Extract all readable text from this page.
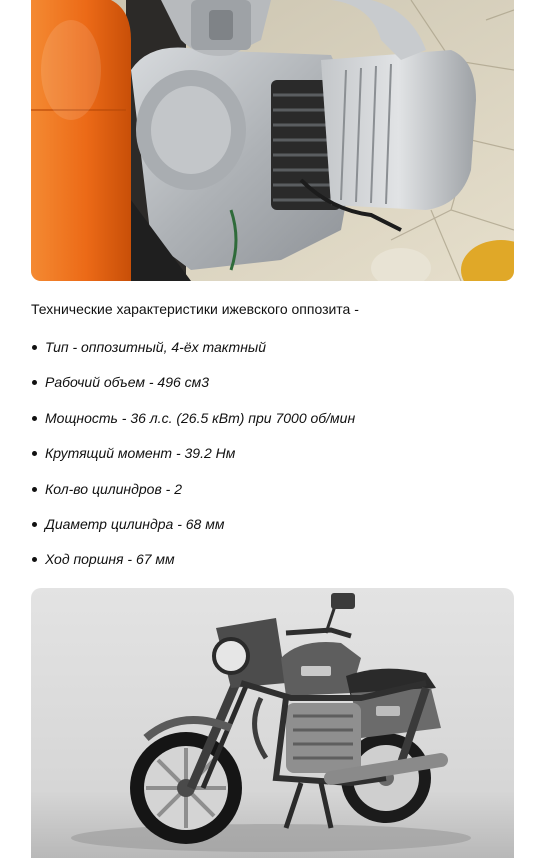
Технические характеристики ижевского оппозита -

Тип - оппозитный, 4-ёх тактный
Рабочий объем - 496 см3
Мощность - 36 л.с. (26.5 кВт) при 7000 об/мин
Крутящий момент - 39.2 Нм
Кол-во цилиндров - 2
Диаметр цилиндра - 68 мм
Ход поршня - 67 мм
